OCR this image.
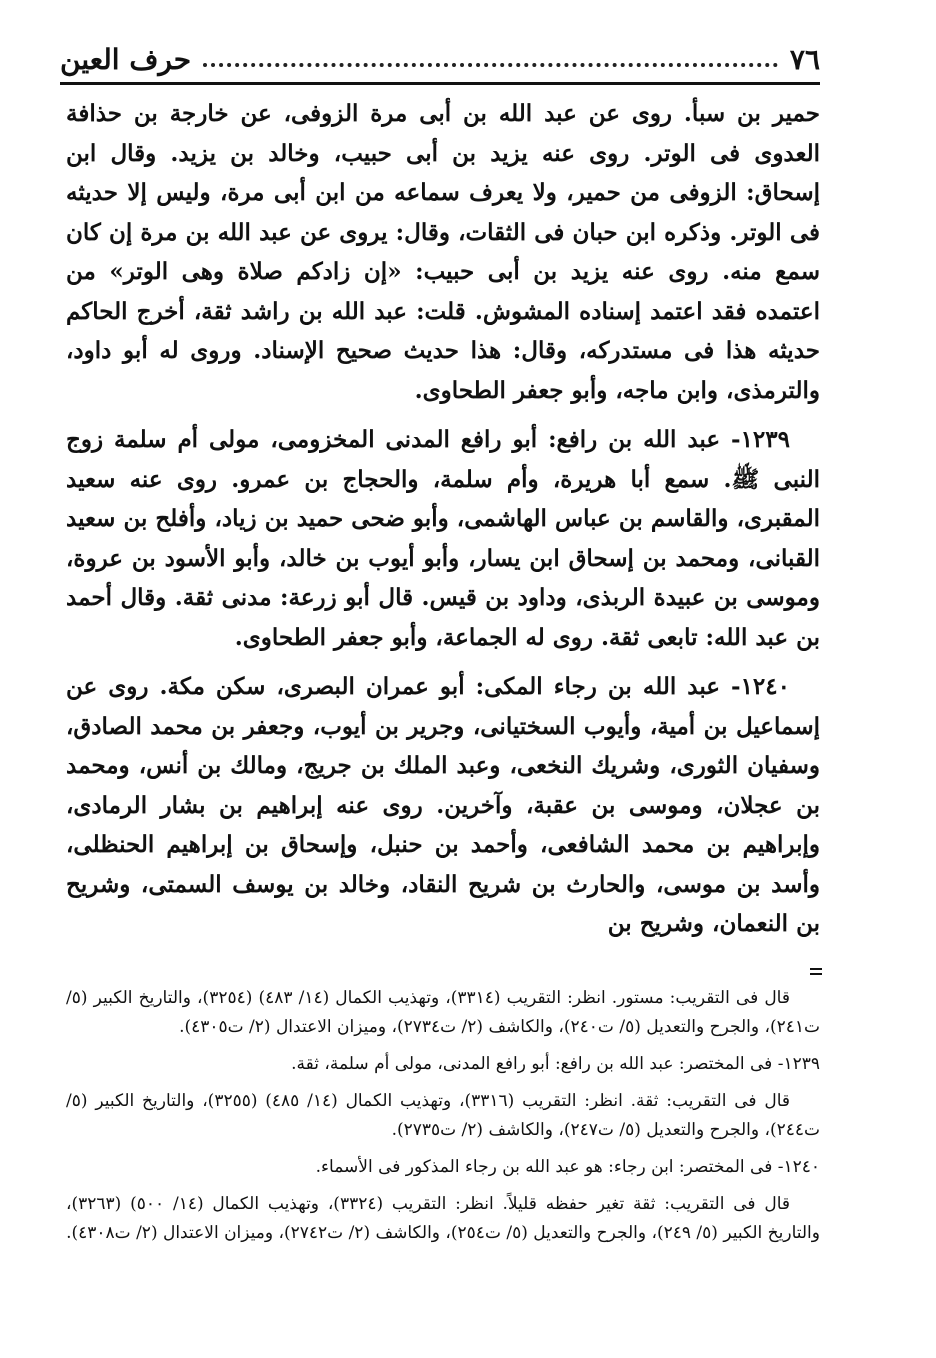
٧٦
حرف العين

حمير بن سبأ. روى عن عبد الله بن أبى مرة الزوفى، عن خارجة بن حذافة العدوى فى الوتر. روى عنه يزيد بن أبى حبيب، وخالد بن يزيد. وقال ابن إسحاق: الزوفى من حمير، ولا يعرف سماعه من ابن أبى مرة، وليس إلا حديثه فى الوتر. وذكره ابن حبان فى الثقات، وقال: يروى عن عبد الله بن مرة إن كان سمع منه. روى عنه يزيد بن أبى حبيب: «إن زادكم صلاة وهى الوتر» من اعتمده فقد اعتمد إسناده المشوش. قلت: عبد الله بن راشد ثقة، أخرج الحاكم حديثه هذا فى مستدركه، وقال: هذا حديث صحيح الإسناد. وروى له أبو داود، والترمذى، وابن ماجه، وأبو جعفر الطحاوى.

١٢٣٩- عبد الله بن رافع: أبو رافع المدنى المخزومى، مولى أم سلمة زوج النبى ﷺ. سمع أبا هريرة، وأم سلمة، والحجاج بن عمرو. روى عنه سعيد المقبرى، والقاسم بن عباس الهاشمى، وأبو ضحى حميد بن زياد، وأفلح بن سعيد القبانى، ومحمد بن إسحاق ابن يسار، وأبو أيوب بن خالد، وأبو الأسود بن عروة، وموسى بن عبيدة الربذى، وداود بن قيس. قال أبو زرعة: مدنى ثقة. وقال أحمد بن عبد الله: تابعى ثقة. روى له الجماعة، وأبو جعفر الطحاوى.

١٢٤٠- عبد الله بن رجاء المكى: أبو عمران البصرى، سكن مكة. روى عن إسماعيل بن أمية، وأيوب السختيانى، وجرير بن أيوب، وجعفر بن محمد الصادق، وسفيان الثورى، وشريك النخعى، وعبد الملك بن جريج، ومالك بن أنس، ومحمد بن عجلان، وموسى بن عقبة، وآخرين. روى عنه إبراهيم بن بشار الرمادى، وإبراهيم بن محمد الشافعى، وأحمد بن حنبل، وإسحاق بن إبراهيم الحنظلى، وأسد بن موسى، والحارث بن شريح النقاد، وخالد بن يوسف السمتى، وشريح بن النعمان، وشريح بن

قال فى التقريب: مستور. انظر: التقريب (٣٣١٤)، وتهذيب الكمال (١٤/ ٤٨٣) (٣٢٥٤)، والتاريخ الكبير (٥/ ت٢٤١)، والجرح والتعديل (٥/ ت٢٤٠)، والكاشف (٢/ ت٢٧٣٤)، وميزان الاعتدال (٢/ ت٤٣٠٥).

١٢٣٩- فى المختصر: عبد الله بن رافع: أبو رافع المدنى، مولى أم سلمة، ثقة.

قال فى التقريب: ثقة. انظر: التقريب (٣٣١٦)، وتهذيب الكمال (١٤/ ٤٨٥) (٣٢٥٥)، والتاريخ الكبير (٥/ ت٢٤٤)، والجرح والتعديل (٥/ ت٢٤٧)، والكاشف (٢/ ت٢٧٣٥).

١٢٤٠- فى المختصر: ابن رجاء: هو عبد الله بن رجاء المذكور فى الأسماء.

قال فى التقريب: ثقة تغير حفظه قليلاً. انظر: التقريب (٣٣٢٤)، وتهذيب الكمال (١٤/ ٥٠٠) (٣٢٦٣)، والتاريخ الكبير (٥/ ٢٤٩)، والجرح والتعديل (٥/ ت٢٥٤)، والكاشف (٢/ ت٢٧٤٢)، وميزان الاعتدال (٢/ ت٤٣٠٨).
